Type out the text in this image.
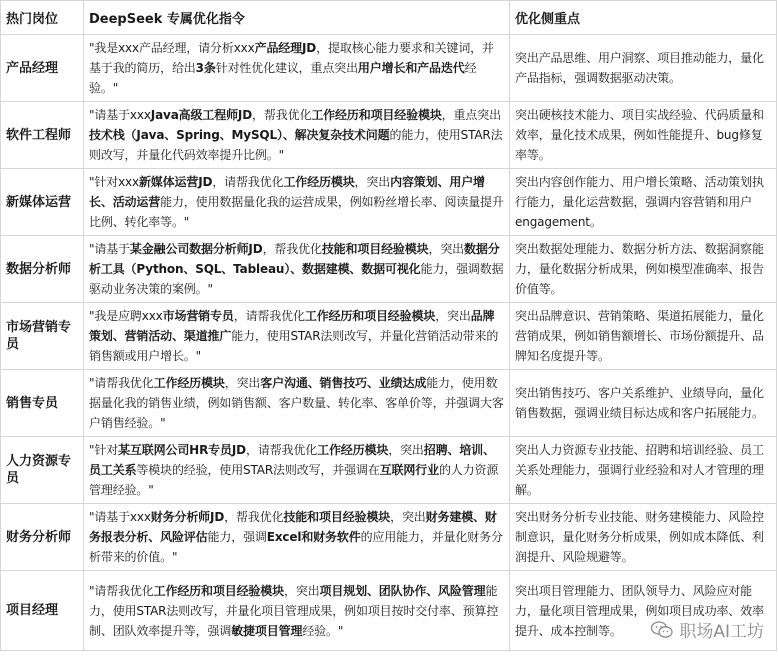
热门岗位	DeepSeek 专属优化指令	优化侧重点
产品经理	"我是xxx产品经理，请分析xxx产品经理JD，提取核心能力要求和关键词，并基于我的简历，给出3条针对性优化建议，重点突出用户增长和产品迭代经验。"	突出产品思维、用户洞察、项目推动能力，量化产品指标，强调数据驱动决策。
软件工程师	"请基于xxxJava高级工程师JD，帮我优化工作经历和项目经验模块，重点突出技术栈（Java、Spring、MySQL）、解决复杂技术问题的能力，使用STAR法则改写，并量化代码效率提升比例。"	突出硬核技术能力、项目实战经验、代码质量和效率，量化技术成果，例如性能提升、bug修复率等。
新媒体运营	"针对xxx新媒体运营JD，请帮我优化工作经历模块，突出内容策划、用户增长、活动运营能力，使用数据量化我的运营成果，例如粉丝增长率、阅读量提升比例、转化率等。"	突出内容创作能力、用户增长策略、活动策划执行能力，量化运营数据，强调内容营销和用户 engagement。
数据分析师	"请基于某金融公司数据分析师JD，帮我优化技能和项目经验模块，突出数据分析工具（Python、SQL、Tableau）、数据建模、数据可视化能力，强调数据驱动业务决策的案例。"	突出数据处理能力、数据分析方法、数据洞察能力，量化数据分析成果，例如模型准确率、报告价值等。
市场营销专员	"我是应聘xxx市场营销专员，请帮我优化工作经历和项目经验模块，突出品牌策划、营销活动、渠道推广能力，使用STAR法则改写，并量化营销活动带来的销售额或用户增长。"	突出品牌意识、营销策略、渠道拓展能力，量化营销成果，例如销售额增长、市场份额提升、品牌知名度提升等。
销售专员	"请帮我优化工作经历模块，突出客户沟通、销售技巧、业绩达成能力，使用数据量化我的销售业绩，例如销售额、客户数量、转化率、客单价等，并强调大客户销售经验。"	突出销售技巧、客户关系维护、业绩导向，量化销售数据，强调业绩目标达成和客户拓展能力。
人力资源专员	"针对某互联网公司HR专员JD，请帮我优化工作经历模块，突出招聘、培训、员工关系等模块的经验，使用STAR法则改写，并强调在互联网行业的人力资源管理经验。"	突出人力资源专业技能、招聘和培训经验、员工关系处理能力，强调行业经验和对人才管理的理解。
财务分析师	"请基于xxx财务分析师JD，帮我优化技能和项目经验模块，突出财务建模、财务报表分析、风险评估能力，强调Excel和财务软件的应用能力，并量化财务分析带来的价值。"	突出财务分析专业技能、财务建模能力、风险控制意识，量化财务分析成果，例如成本降低、利润提升、风险规避等。
项目经理	"请帮我优化工作经历和项目经验模块，突出项目规划、团队协作、风险管理能力，使用STAR法则改写，并量化项目管理成果，例如项目按时交付率、预算控制、团队效率提升等，强调敏捷项目管理经验。"	突出项目管理能力、团队领导力、风险应对能力，量化项目管理成果，例如项目成功率、效率提升、成本控制等。	职场AI工坊
